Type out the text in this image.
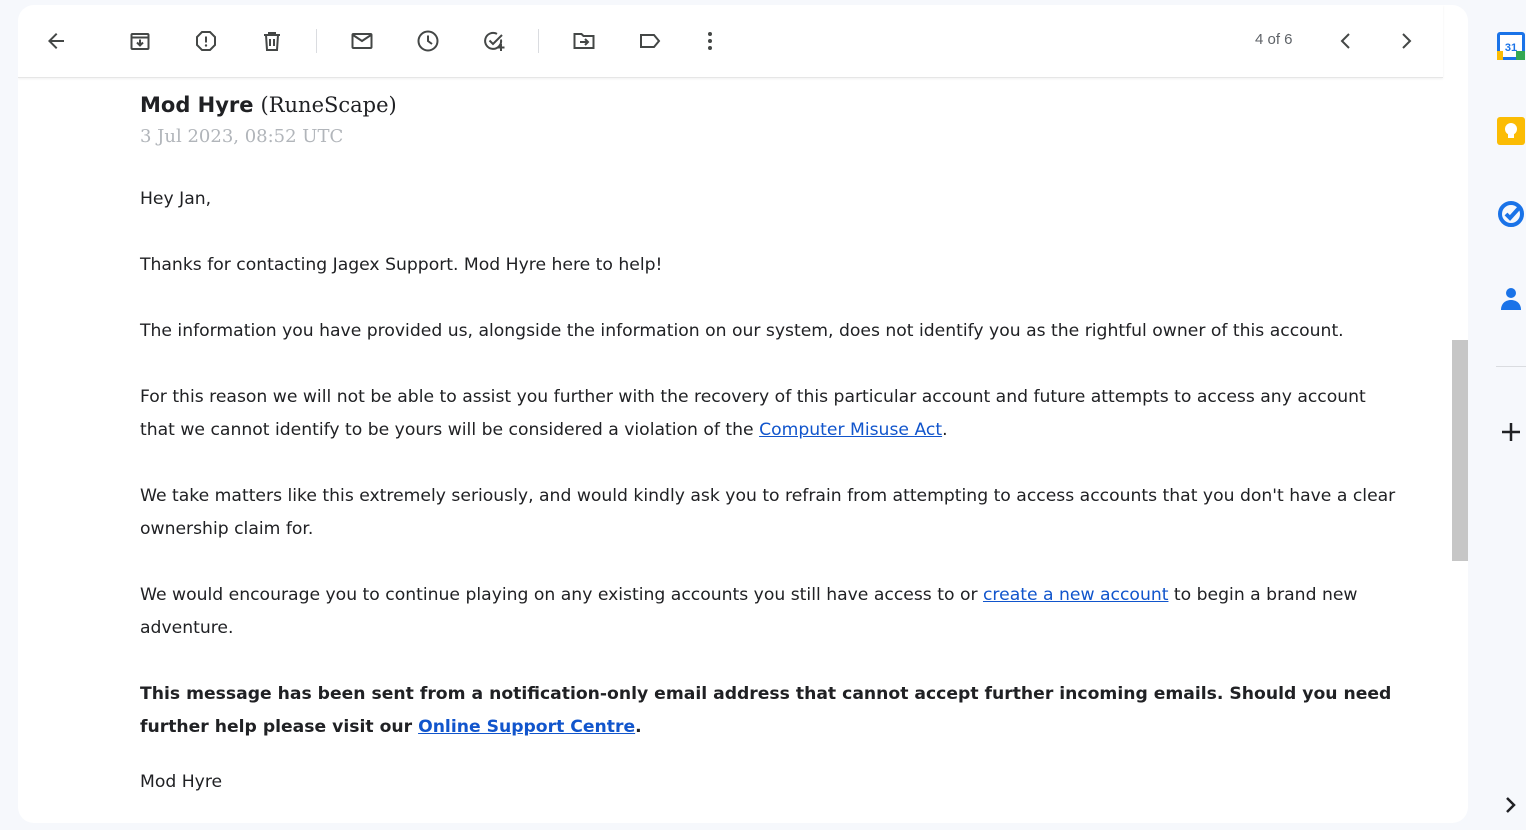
4 of 6
Mod Hyre (RuneScape)
3 Jul 2023, 08:52 UTC

Hey Jan,

Thanks for contacting Jagex Support. Mod Hyre here to help!

The information you have provided us, alongside the information on our system, does not identify you as the rightful owner of this account.

For this reason we will not be able to assist you further with the recovery of this particular account and future attempts to access any account that we cannot identify to be yours will be considered a violation of the Computer Misuse Act.

We take matters like this extremely seriously, and would kindly ask you to refrain from attempting to access accounts that you don't have a clear ownership claim for.

We would encourage you to continue playing on any existing accounts you still have access to or create a new account to begin a brand new adventure.

This message has been sent from a notification-only email address that cannot accept further incoming emails. Should you need further help please visit our Online Support Centre.

Mod Hyre

31
